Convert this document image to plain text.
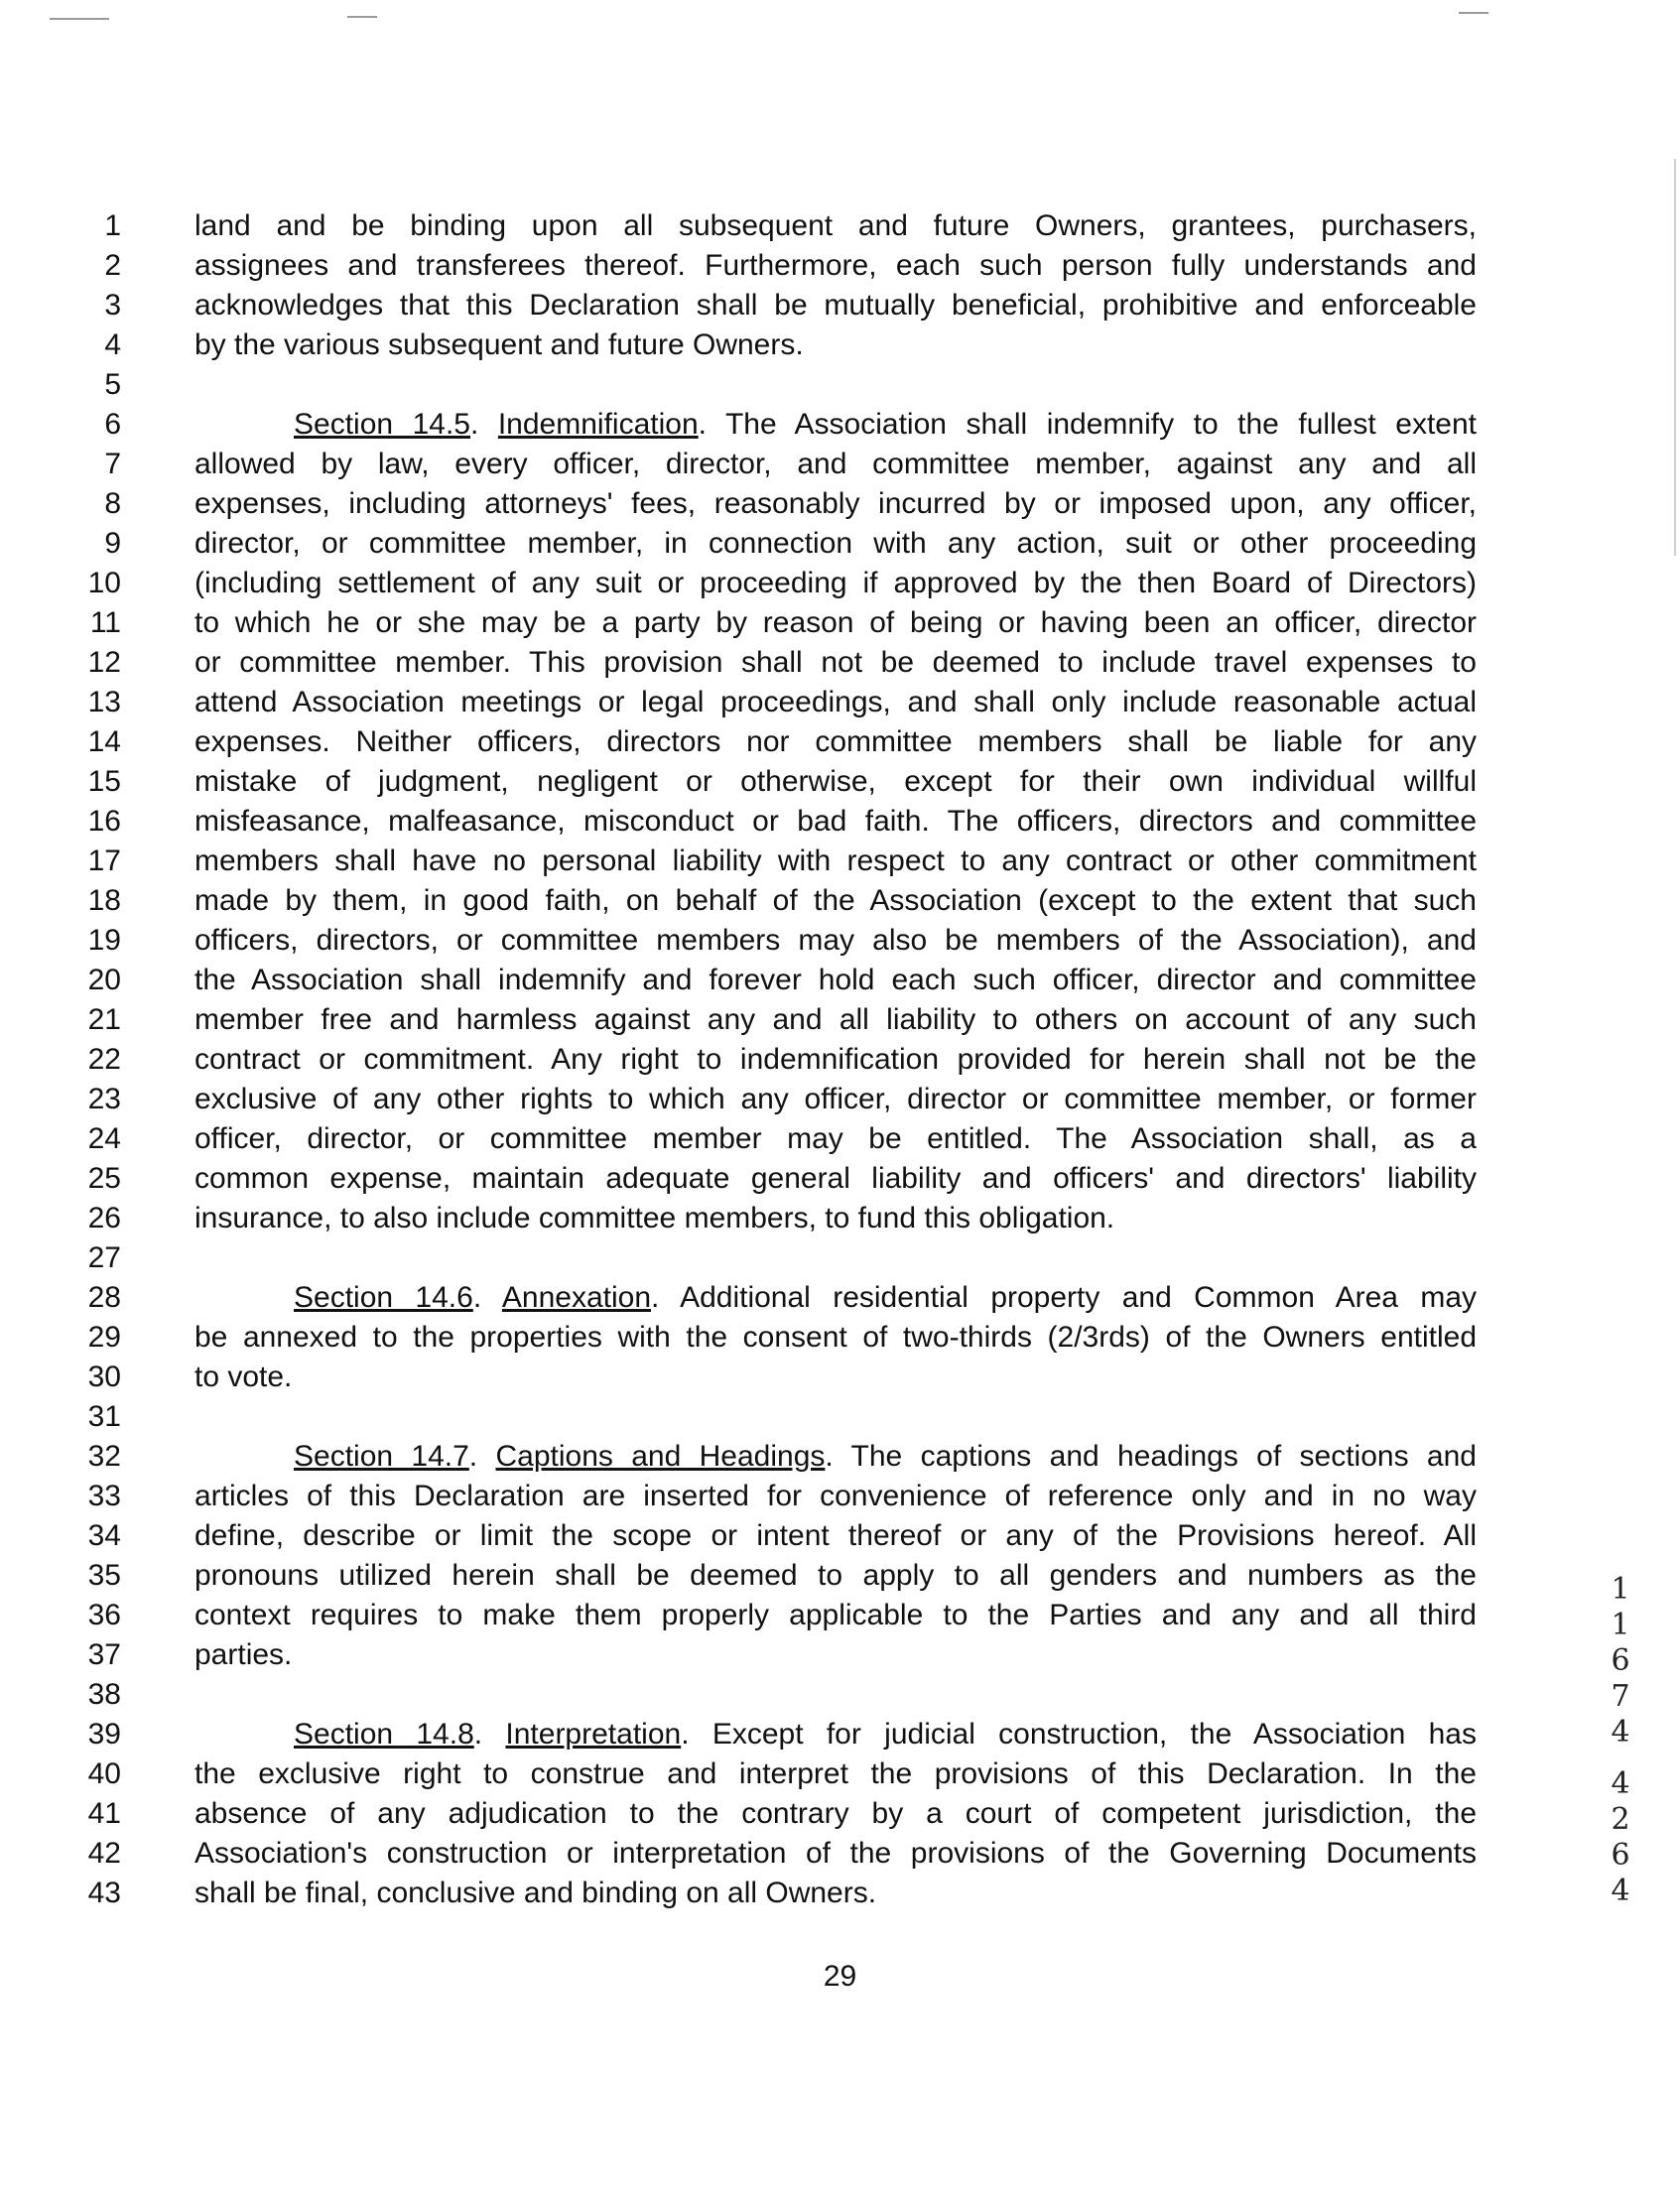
1
2
3
4
5
6
7
8
9
10
11
12
13
14
15
16
17
18
19
20
21
22
23
24
25
26
27
28
29
30
31
32
33
34
35
36
37
38
39
40
41
42
43
land and be binding upon all subsequent and future Owners, grantees, purchasers,
assignees and transferees thereof. Furthermore, each such person fully understands and
acknowledges that this Declaration shall be mutually beneficial, prohibitive and enforceable
by the various subsequent and future Owners.
Section 14.5. Indemnification. The Association shall indemnify to the fullest extent
allowed by law, every officer, director, and committee member, against any and all
expenses, including attorneys' fees, reasonably incurred by or imposed upon, any officer,
director, or committee member, in connection with any action, suit or other proceeding
(including settlement of any suit or proceeding if approved by the then Board of Directors)
to which he or she may be a party by reason of being or having been an officer, director
or committee member. This provision shall not be deemed to include travel expenses to
attend Association meetings or legal proceedings, and shall only include reasonable actual
expenses. Neither officers, directors nor committee members shall be liable for any
mistake of judgment, negligent or otherwise, except for their own individual willful
misfeasance, malfeasance, misconduct or bad faith. The officers, directors and committee
members shall have no personal liability with respect to any contract or other commitment
made by them, in good faith, on behalf of the Association (except to the extent that such
officers, directors, or committee members may also be members of the Association), and
the Association shall indemnify and forever hold each such officer, director and committee
member free and harmless against any and all liability to others on account of any such
contract or commitment. Any right to indemnification provided for herein shall not be the
exclusive of any other rights to which any officer, director or committee member, or former
officer, director, or committee member may be entitled. The Association shall, as a
common expense, maintain adequate general liability and officers' and directors' liability
insurance, to also include committee members, to fund this obligation.
Section 14.6. Annexation. Additional residential property and Common Area may
be annexed to the properties with the consent of two-thirds (2/3rds) of the Owners entitled
to vote.
Section 14.7. Captions and Headings. The captions and headings of sections and
articles of this Declaration are inserted for convenience of reference only and in no way
define, describe or limit the scope or intent thereof or any of the Provisions hereof. All
pronouns utilized herein shall be deemed to apply to all genders and numbers as the
context requires to make them properly applicable to the Parties and any and all third
parties.
Section 14.8. Interpretation. Except for judicial construction, the Association has
the exclusive right to construe and interpret the provisions of this Declaration. In the
absence of any adjudication to the contrary by a court of competent jurisdiction, the
Association's construction or interpretation of the provisions of the Governing Documents
shall be final, conclusive and binding on all Owners.
29
1
1
6
7
4
4
2
6
4
